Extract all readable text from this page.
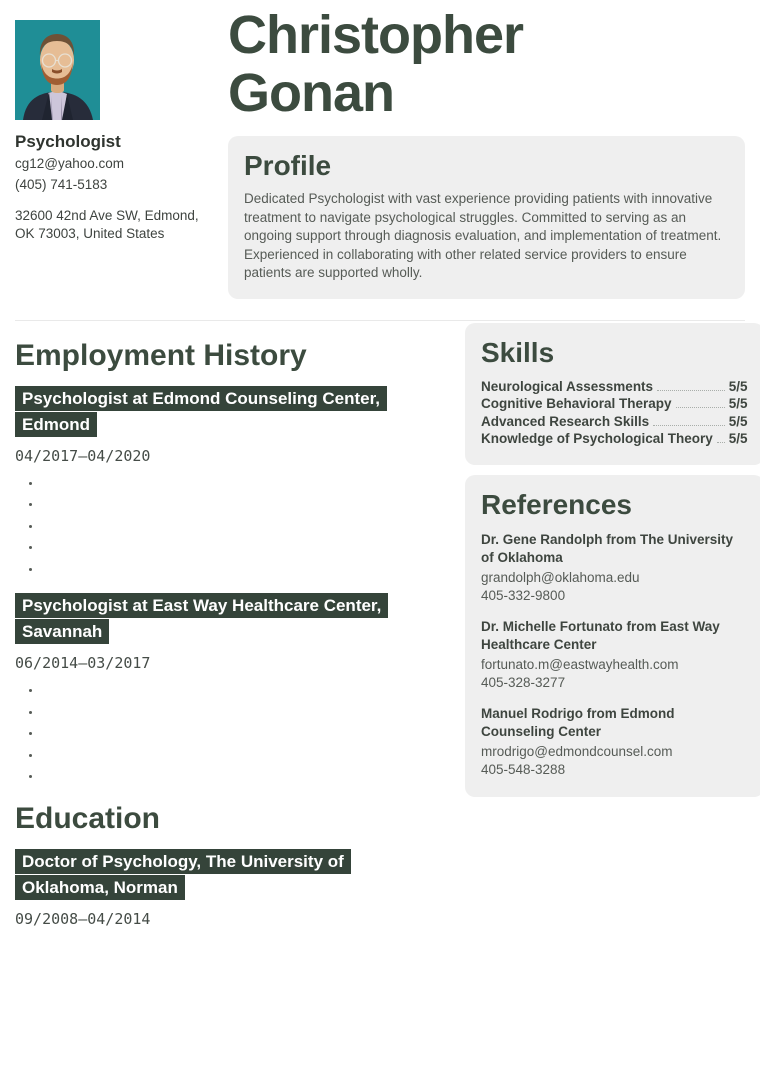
Psychologist
cg12@yahoo.com
(405) 741-5183
32600 42nd Ave SW, Edmond, OK 73003, United States
Christopher Gonan
Profile
Dedicated Psychologist with vast experience providing patients with innovative treatment to navigate psychological struggles. Committed to serving as an ongoing support through diagnosis evaluation, and implementation of treatment. Experienced in collaborating with other related service providers to ensure patients are supported wholly.
Employment History
Psychologist at Edmond Counseling Center, Edmond
04/2017—04/2020
•
•
•
•
•
Psychologist at East Way Healthcare Center, Savannah
06/2014—03/2017
•
•
•
•
•
Education
Doctor of Psychology, The University of Oklahoma, Norman
09/2008—04/2014
Skills
Neurological Assessments	5/5
Cognitive Behavioral Therapy	5/5
Advanced Research Skills	5/5
Knowledge of Psychological Theory 5/5
References
Dr. Gene Randolph from The University of Oklahoma
grandolph@oklahoma.edu
405-332-9800
Dr. Michelle Fortunato from East Way Healthcare Center
fortunato.m@eastwayhealth.com
405-328-3277
Manuel Rodrigo from Edmond Counseling Center
mrodrigo@edmondcounsel.com
405-548-3288
